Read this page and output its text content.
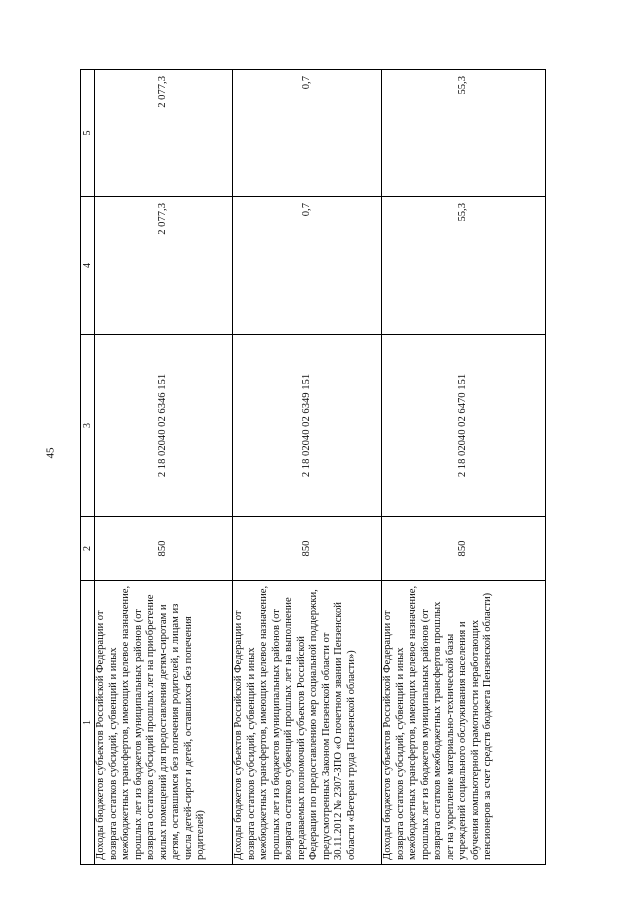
45
1	2	3	4	5
Доходы бюджетов субъектов Российской Федерации от возврата остатков субсидий, субвенций и иных межбюджетных трансфертов, имеющих целевое назначение, прошлых лет из бюджетов муниципальных районов (от возврата остатков субсидий прошлых лет на приобретение жилых помещений для предоставления детям-сиротам и детям, оставшимся без попечения родителей, и лицам из числа детей-сирот и детей, оставшихся без попечения родителей)	850	2 18 02040 02 6346 151	2 077,3	2 077,3
Доходы бюджетов субъектов Российской Федерации от возврата остатков субсидий, субвенций и иных межбюджетных трансфертов, имеющих целевое назначение, прошлых лет из бюджетов муниципальных районов (от возврата остатков субвенций прошлых лет на выполнение передаваемых полномочий субъектов Российской Федерации по предоставлению мер социальной поддержки, предусмотренных Законом Пензенской области от 30.11.2012 № 2307-ЗПО «О почетном звании Пензенской области «Ветеран труда Пензенской области»)	850	2 18 02040 02 6349 151	0,7	0,7
Доходы бюджетов субъектов Российской Федерации от возврата остатков субсидий, субвенций и иных межбюджетных трансфертов, имеющих целевое назначение, прошлых лет из бюджетов муниципальных районов (от возврата остатков межбюджетных трансфертов прошлых лет на укрепление материально-технической базы учреждений социального обслуживания населения и обучения компьютерной грамотности неработающих пенсионеров за счет средств бюджета Пензенской области)	850	2 18 02040 02 6470 151	55,3	55,3
